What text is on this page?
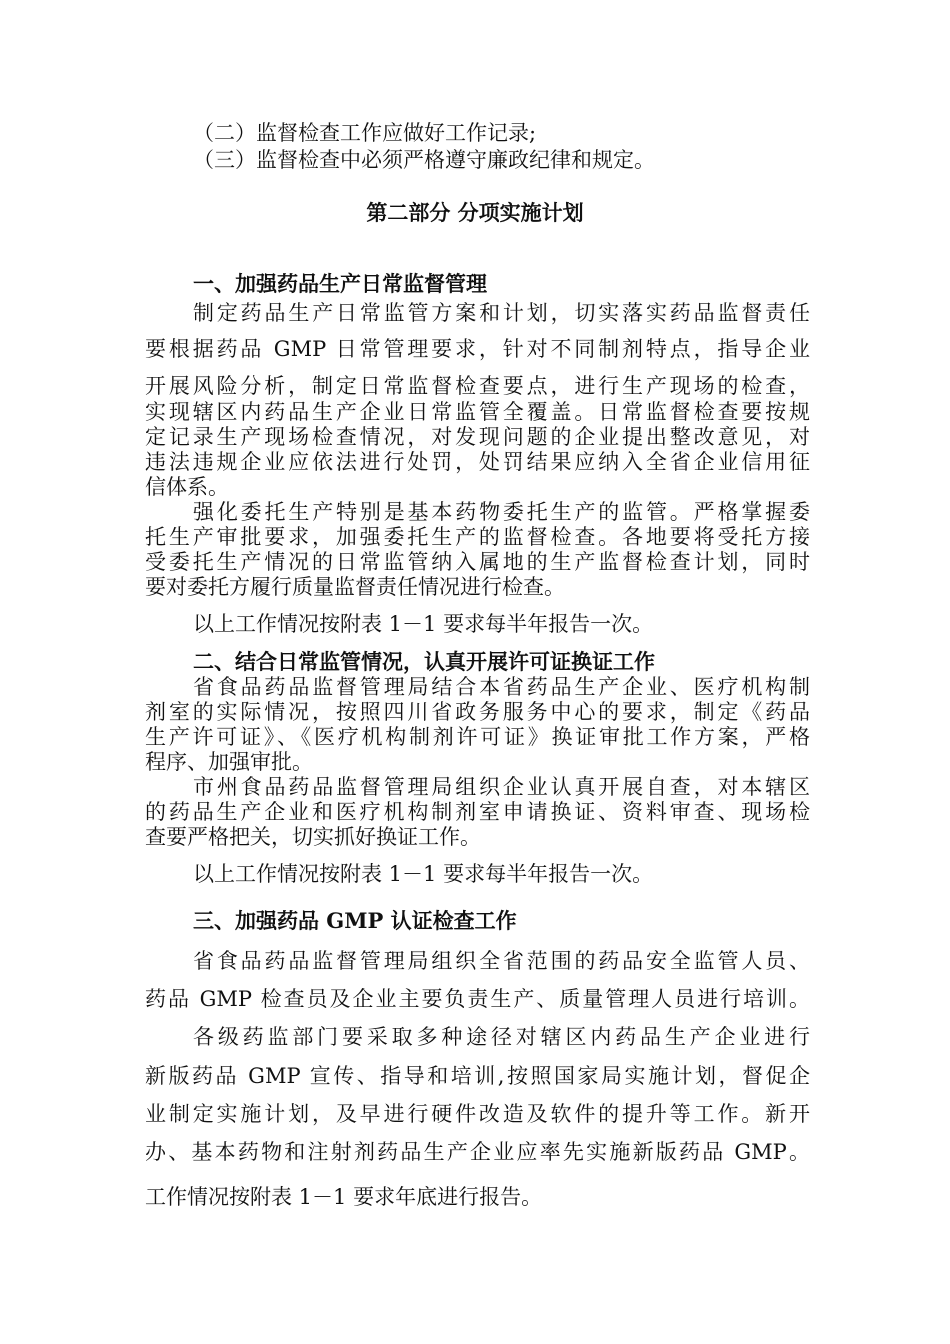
（二）监督检查工作应做好工作记录;
（三）监督检查中必须严格遵守廉政纪律和规定。
第二部分 分项实施计划
一、加强药品生产日常监督管理
制定药品生产日常监管方案和计划，切实落实药品监督责任
要根据药品 GMP 日常管理要求，针对不同制剂特点，指导企业
开展风险分析，制定日常监督检查要点，进行生产现场的检查，
实现辖区内药品生产企业日常监管全覆盖。日常监督检查要按规
定记录生产现场检查情况，对发现问题的企业提出整改意见，对
违法违规企业应依法进行处罚，处罚结果应纳入全省企业信用征
信体系。
强化委托生产特别是基本药物委托生产的监管。严格掌握委
托生产审批要求，加强委托生产的监督检查。各地要将受托方接
受委托生产情况的日常监管纳入属地的生产监督检查计划，同时
要对委托方履行质量监督责任情况进行检查。
以上工作情况按附表 1－1 要求每半年报告一次。
二、结合日常监管情况，认真开展许可证换证工作
省食品药品监督管理局结合本省药品生产企业、医疗机构制
剂室的实际情况，按照四川省政务服务中心的要求，制定《药品
生产许可证》、《医疗机构制剂许可证》换证审批工作方案，严格
程序、加强审批。
市州食品药品监督管理局组织企业认真开展自查，对本辖区
的药品生产企业和医疗机构制剂室申请换证、资料审查、现场检
查要严格把关，切实抓好换证工作。
以上工作情况按附表 1－1 要求每半年报告一次。
三、加强药品 GMP 认证检查工作
省食品药品监督管理局组织全省范围的药品安全监管人员、
药品 GMP 检查员及企业主要负责生产、质量管理人员进行培训。
各级药监部门要采取多种途径对辖区内药品生产企业进行
新版药品 GMP 宣传、指导和培训,按照国家局实施计划，督促企
业制定实施计划，及早进行硬件改造及软件的提升等工作。新开
办、基本药物和注射剂药品生产企业应率先实施新版药品 GMP。
工作情况按附表 1－1 要求年底进行报告。
